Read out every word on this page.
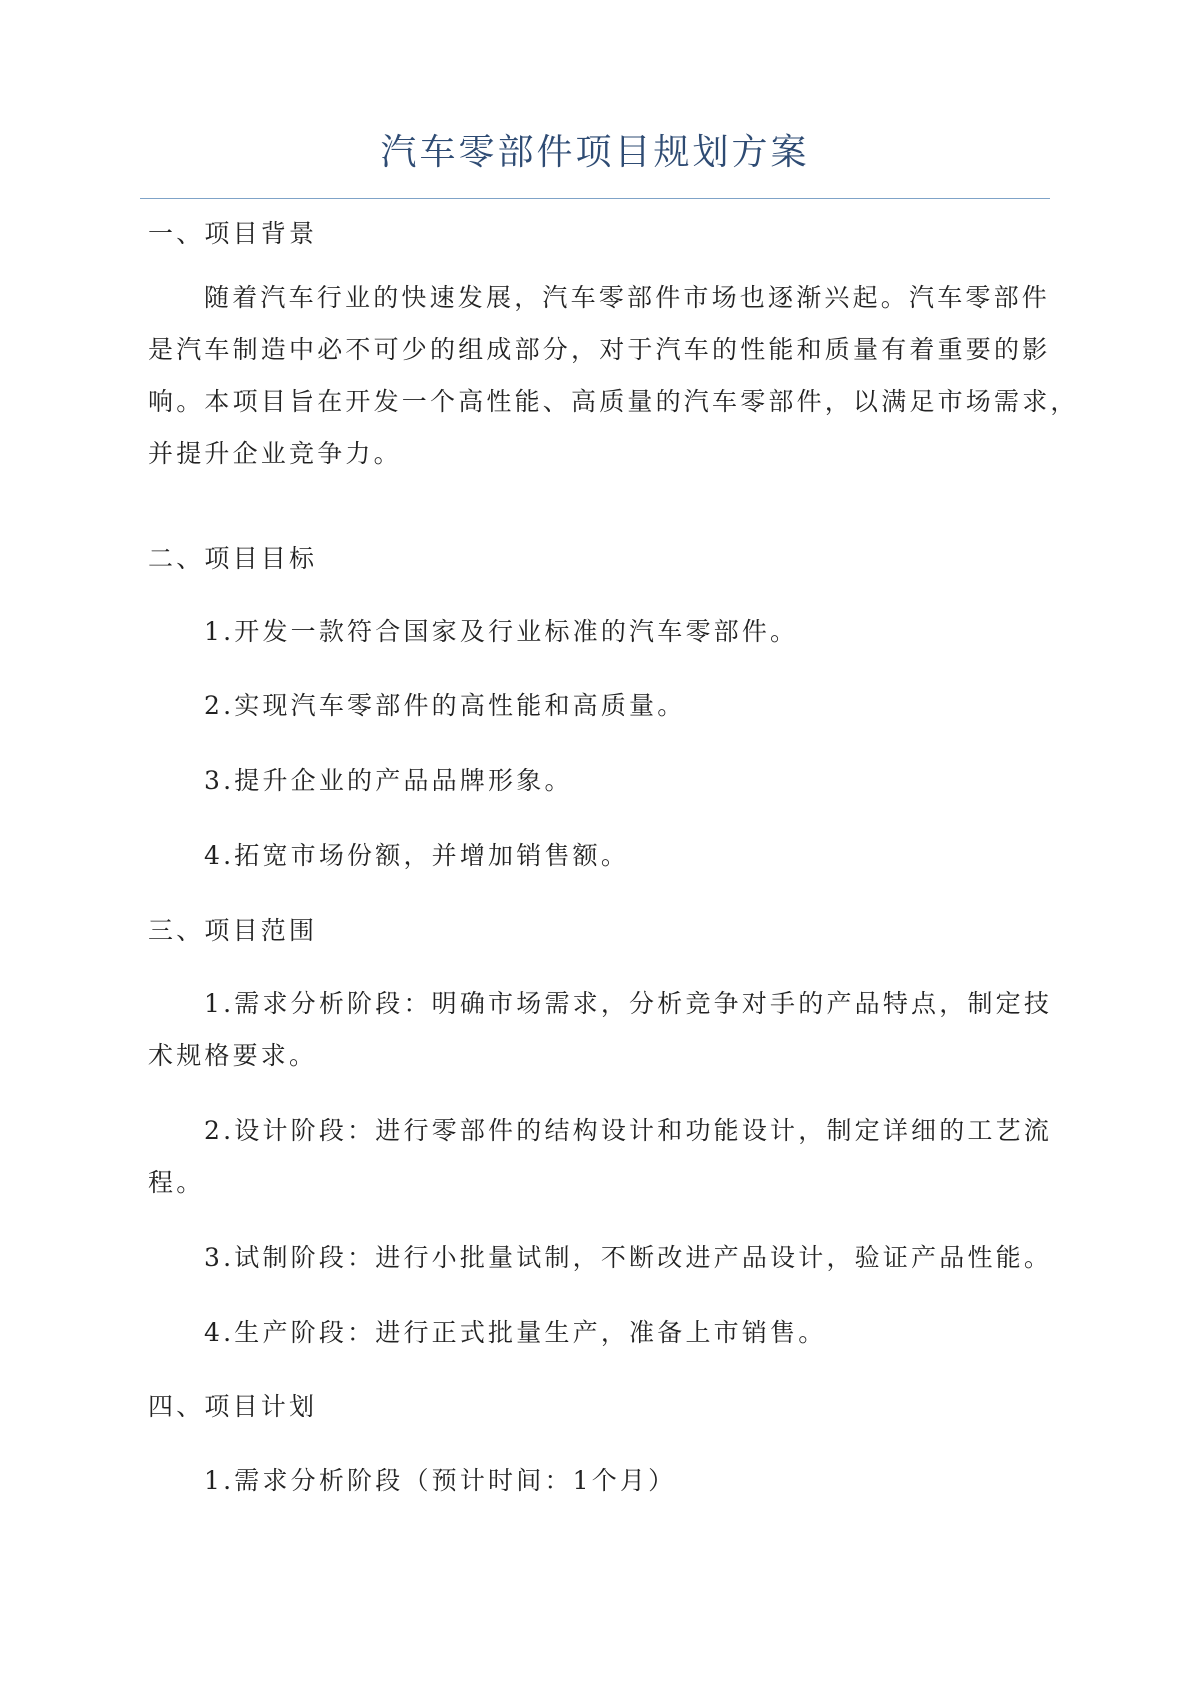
汽车零部件项目规划方案
一、项目背景
随着汽车行业的快速发展，汽车零部件市场也逐渐兴起。汽车零部件
是汽车制造中必不可少的组成部分，对于汽车的性能和质量有着重要的影
响。本项目旨在开发一个高性能、高质量的汽车零部件，以满足市场需求，
并提升企业竞争力。
二、项目目标
1.开发一款符合国家及行业标准的汽车零部件。
2.实现汽车零部件的高性能和高质量。
3.提升企业的产品品牌形象。
4.拓宽市场份额，并增加销售额。
三、项目范围
1.需求分析阶段：明确市场需求，分析竞争对手的产品特点，制定技
术规格要求。
2.设计阶段：进行零部件的结构设计和功能设计，制定详细的工艺流
程。
3.试制阶段：进行小批量试制，不断改进产品设计，验证产品性能。
4.生产阶段：进行正式批量生产，准备上市销售。
四、项目计划
1.需求分析阶段（预计时间：1个月）
